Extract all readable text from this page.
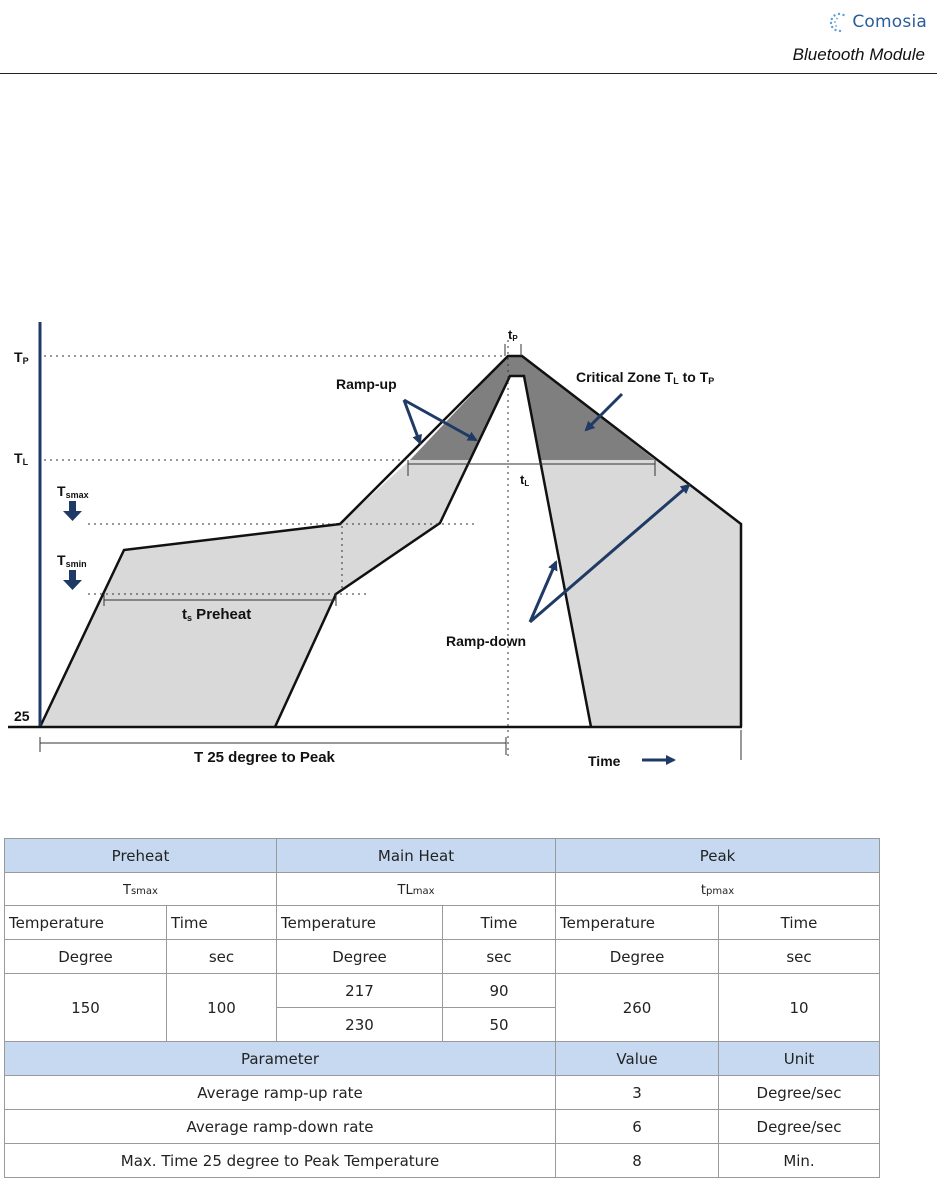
Comosia
Bluetooth Module
TP
TL
Tsmax
Tsmin
25
tP
Ramp-up	Critical Zone TL to TP
tL
ts Preheat
Ramp-down
T 25 degree to Peak	Time
Preheat		Main Heat		Peak	
Tsmax		TLmax		tpmax	
Temperature	Time	Temperature	Time	Temperature	Time
Degree	sec	Degree	sec	Degree	sec
150	100	217	90	260	10
		230	50		
Parameter				Value	Unit
Average ramp-up rate				3	Degree/sec
Average ramp-down rate				6	Degree/sec
Max. Time 25 degree to Peak Temperature				8	Min.
